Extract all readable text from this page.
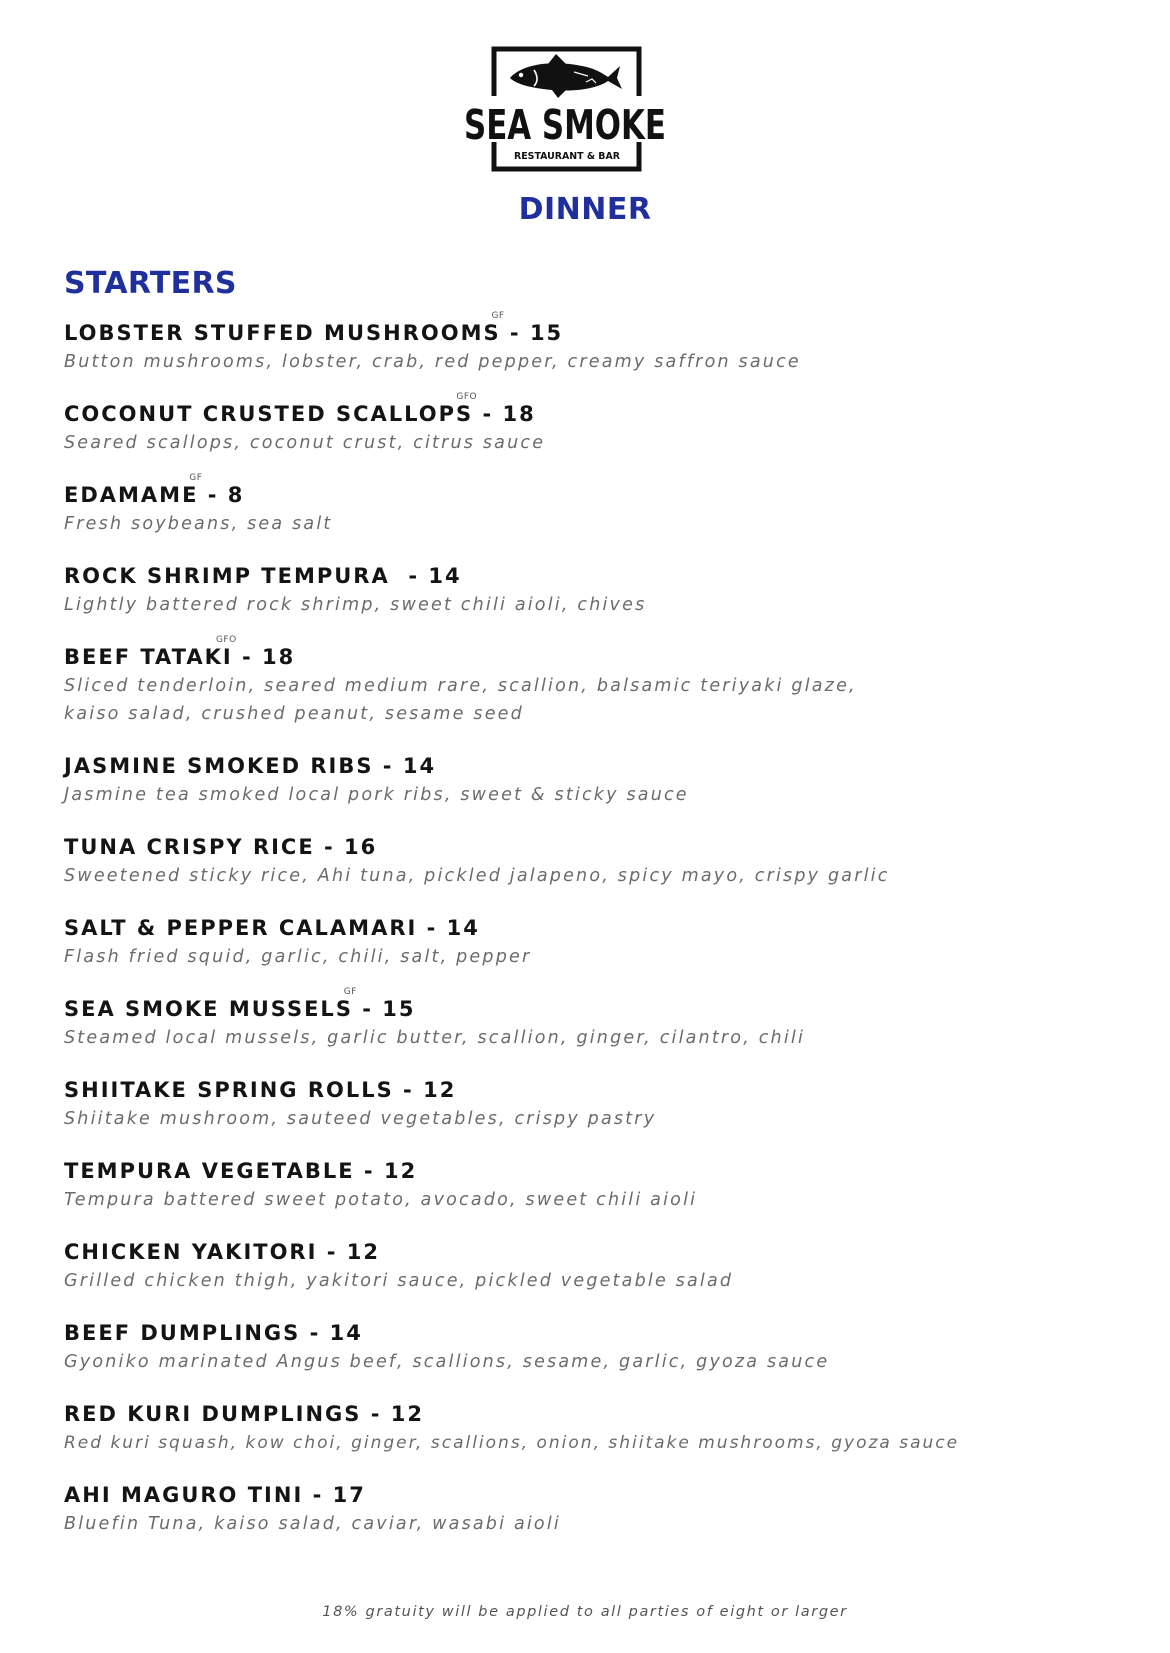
SEA SMOKE
RESTAURANT & BAR
DINNER
STARTERS
LOBSTER STUFFED MUSHROOMS
GF
- 15
Button mushrooms, lobster, crab, red pepper, creamy saffron sauce
COCONUT CRUSTED SCALLOPS
GFO
- 18
Seared scallops, coconut crust, citrus sauce
EDAMAME
GF
- 8
Fresh soybeans, sea salt
ROCK SHRIMP TEMPURA
- 14
Lightly battered rock shrimp, sweet chili aioli, chives
BEEF TATAKI
GFO
- 18
Sliced tenderloin, seared medium rare, scallion, balsamic teriyaki glaze, kaiso salad, crushed peanut, sesame seed
JASMINE SMOKED RIBS
- 14
Jasmine tea smoked local pork ribs, sweet & sticky sauce
TUNA CRISPY RICE
- 16
Sweetened sticky rice, Ahi tuna, pickled jalapeno, spicy mayo, crispy garlic
SALT & PEPPER CALAMARI
- 14
Flash fried squid, garlic, chili, salt, pepper
SEA SMOKE MUSSELS
GF
- 15
Steamed local mussels, garlic butter, scallion, ginger, cilantro, chili
SHIITAKE SPRING ROLLS
- 12
Shiitake mushroom, sauteed vegetables, crispy pastry
TEMPURA VEGETABLE
- 12
Tempura battered sweet potato, avocado, sweet chili aioli
CHICKEN YAKITORI
- 12
Grilled chicken thigh, yakitori sauce, pickled vegetable salad
BEEF DUMPLINGS
- 14
Gyoniko marinated Angus beef, scallions, sesame, garlic, gyoza sauce
RED KURI DUMPLINGS
- 12
Red kuri squash, kow choi, ginger, scallions, onion, shiitake mushrooms, gyoza sauce
AHI MAGURO TINI
- 17
Bluefin Tuna, kaiso salad, caviar, wasabi aioli
18% gratuity will be applied to all parties of eight or larger
